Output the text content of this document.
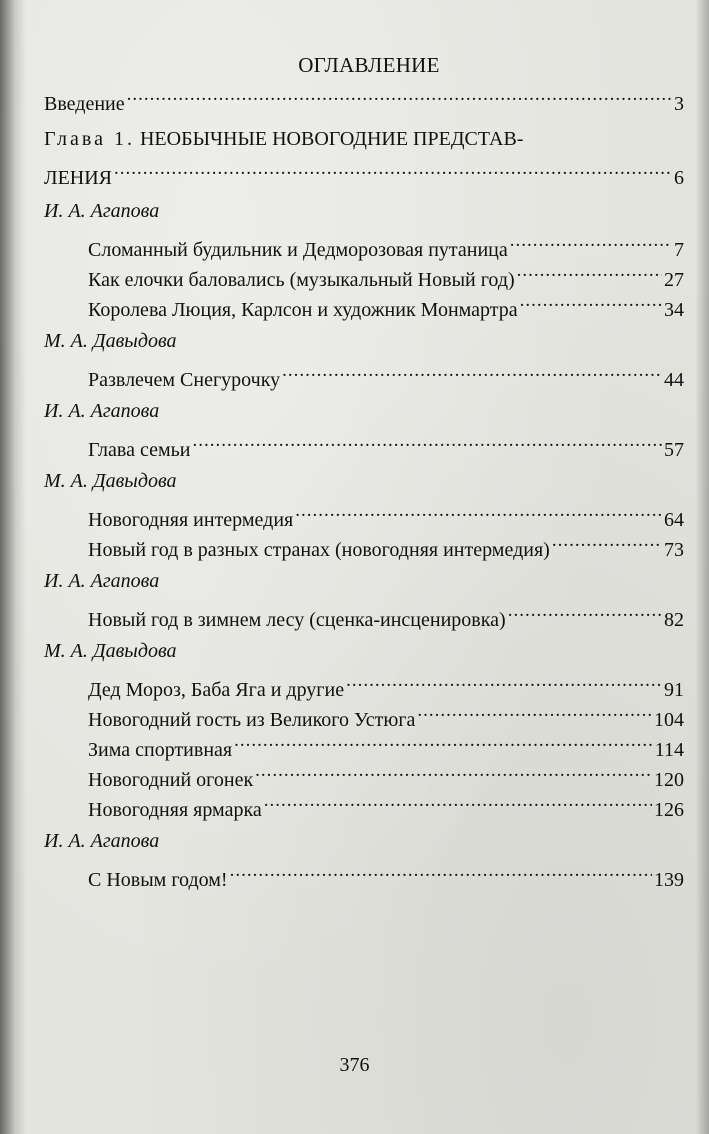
ОГЛАВЛЕНИЕ
Введение .....	3
Глава 1. НЕОБЫЧНЫЕ НОВОГОДНИЕ ПРЕДСТАВ-
ЛЕНИЯ .....	6
И. А. Агапова
Сломанный будильник и Дедморозовая путаница .....	7
Как елочки баловались (музыкальный Новый год) .....	27
Королева Люция, Карлсон и художник Монмартра .....	34
М. А. Давыдова
Развлечем Снегурочку .....	44
И. А. Агапова
Глава семьи .....	57
М. А. Давыдова
Новогодняя интермедия .....	64
Новый год в разных странах (новогодняя интермедия) .....	73
И. А. Агапова
Новый год в зимнем лесу (сценка-инсценировка) .....	82
М. А. Давыдова
Дед Мороз, Баба Яга и другие .....	91
Новогодний гость из Великого Устюга .....	104
Зима спортивная .....	114
Новогодний огонек .....	120
Новогодняя ярмарка .....	126
И. А. Агапова
С Новым годом! .....	139
376
